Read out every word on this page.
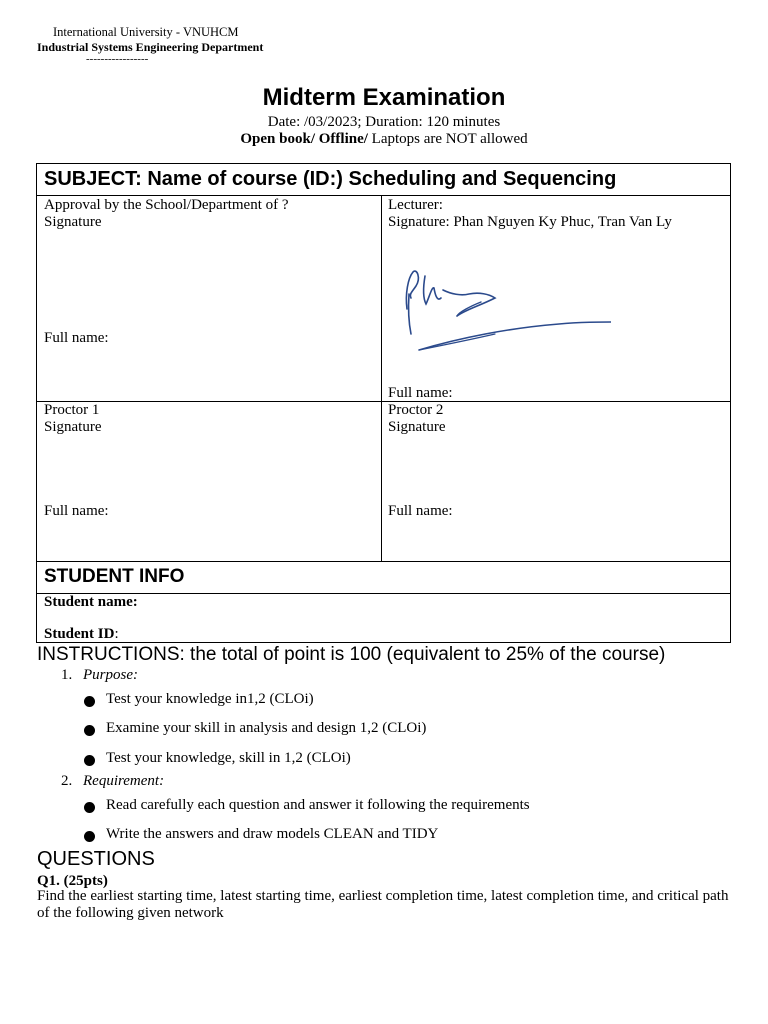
International University - VNUHCM
Industrial Systems Engineering Department
-----------------
Midterm Examination
Date: /03/2023; Duration: 120 minutes
Open book/ Offline/ Laptops are NOT allowed
SUBJECT: Name of course (ID:) Scheduling and Sequencing
Approval by the School/Department of ?
Signature
Full name:
Lecturer:
Signature: Phan Nguyen Ky Phuc, Tran Van Ly
Full name:
Proctor 1
Signature
Full name:
Proctor 2
Signature
Full name:
STUDENT INFO
Student name:
Student ID:
INSTRUCTIONS: the total of point is 100 (equivalent to 25% of the course)
1. Purpose:
Test your knowledge in1,2 (CLOi)
Examine your skill in analysis and design 1,2 (CLOi)
Test your knowledge, skill in 1,2 (CLOi)
2. Requirement:
Read carefully each question and answer it following the requirements
Write the answers and draw models CLEAN and TIDY
QUESTIONS
Q1. (25pts)
Find the earliest starting time, latest starting time, earliest completion time, latest completion time, and critical path of the following given network
